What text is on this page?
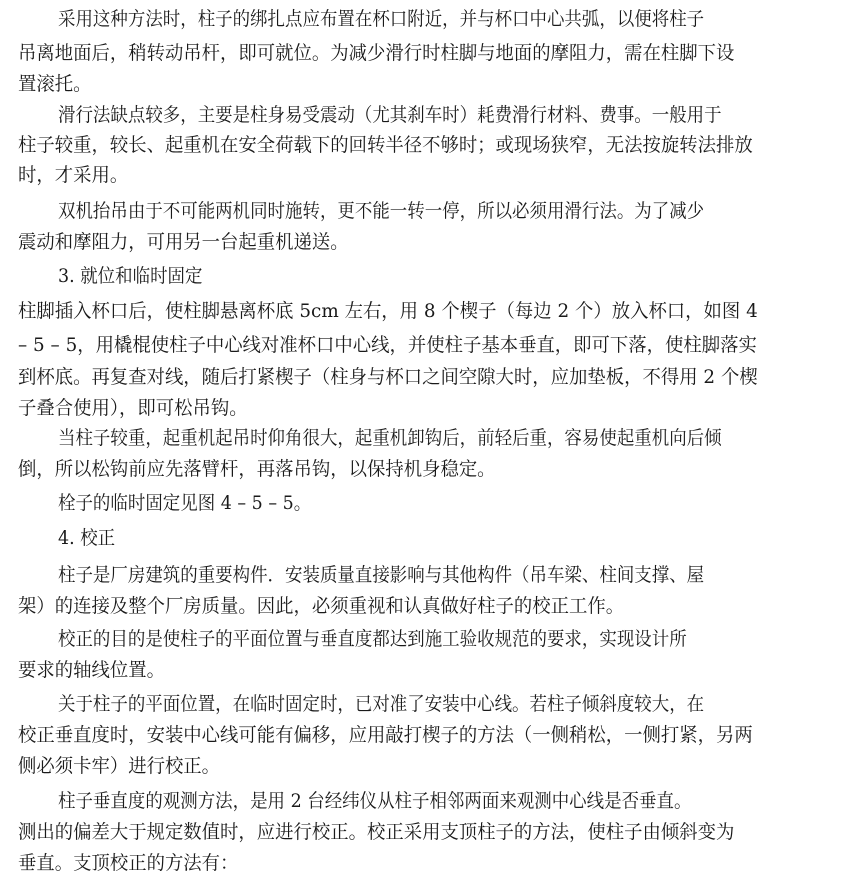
采用这种方法时，柱子的绑扎点应布置在杯口附近，并与杯口中心共弧，以便将柱子
吊离地面后，稍转动吊杆，即可就位。为减少滑行时柱脚与地面的摩阻力，需在柱脚下设
置滚托。
滑行法缺点较多，主要是柱身易受震动（尤其刹车时）耗费滑行材料、费事。一般用于
柱子较重，较长、起重机在安全荷载下的回转半径不够时；或现场狭窄，无法按旋转法排放
时，才采用。
双机抬吊由于不可能两机同时施转，更不能一转一停，所以必须用滑行法。为了减少
震动和摩阻力，可用另一台起重机递送。
3. 就位和临时固定
柱脚插入杯口后，使柱脚悬离杯底 5cm 左右，用 8 个楔子（每边 2 个）放入杯口，如图 4
– 5 – 5，用橇棍使柱子中心线对准杯口中心线，并使柱子基本垂直，即可下落，使柱脚落实
到杯底。再复查对线，随后打紧楔子（柱身与杯口之间空隙大时，应加垫板，不得用 2 个楔
子叠合使用），即可松吊钩。
当柱子较重，起重机起吊时仰角很大，起重机卸钩后，前轻后重，容易使起重机向后倾
倒，所以松钩前应先落臂杆，再落吊钩，以保持机身稳定。
栓子的临时固定见图 4 – 5 – 5。
4. 校正
柱子是厂房建筑的重要构件．安装质量直接影响与其他构件（吊车梁、柱间支撑、屋
架）的连接及整个厂房质量。因此，必须重视和认真做好柱子的校正工作。
校正的目的是使柱子的平面位置与垂直度都达到施工验收规范的要求，实现设计所
要求的轴线位置。
关于柱子的平面位置，在临时固定时，已对准了安装中心线。若柱子倾斜度较大，在
校正垂直度时，安装中心线可能有偏移，应用敲打楔子的方法（一侧稍松，一侧打紧，另两
侧必须卡牢）进行校正。
柱子垂直度的观测方法，是用 2 台经纬仪从柱子相邻两面来观测中心线是否垂直。
测出的偏差大于规定数值时，应进行校正。校正采用支顶柱子的方法，使柱子由倾斜变为
垂直。支顶校正的方法有：
